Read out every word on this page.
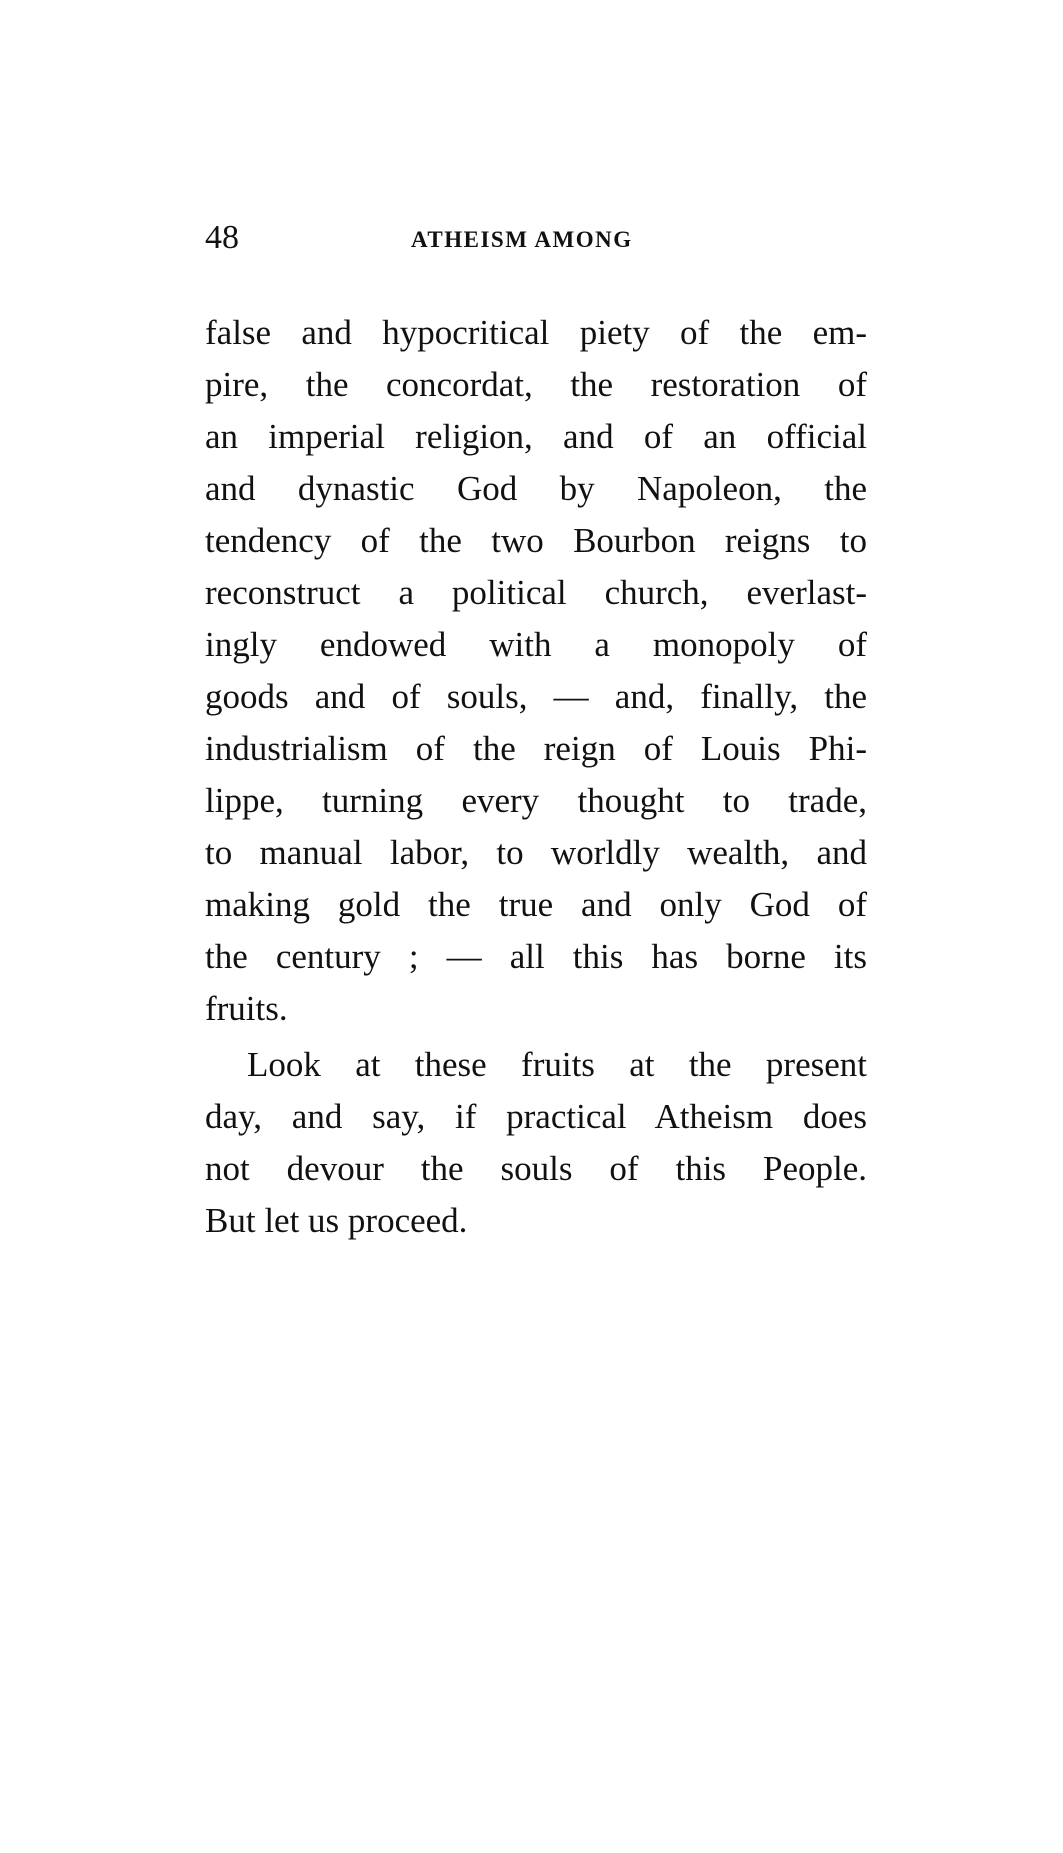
48	ATHEISM AMONG
false and hypocritical piety of the em-
pire, the concordat, the restoration of
an imperial religion, and of an official
and dynastic God by Napoleon, the
tendency of the two Bourbon reigns to
reconstruct a political church, everlast-
ingly endowed with a monopoly of
goods and of souls, — and, finally, the
industrialism of the reign of Louis Phi-
lippe, turning every thought to trade,
to manual labor, to worldly wealth, and
making gold the true and only God of
the century ; — all this has borne its
fruits.
Look at these fruits at the present
day, and say, if practical Atheism does
not devour the souls of this People.
But let us proceed.
